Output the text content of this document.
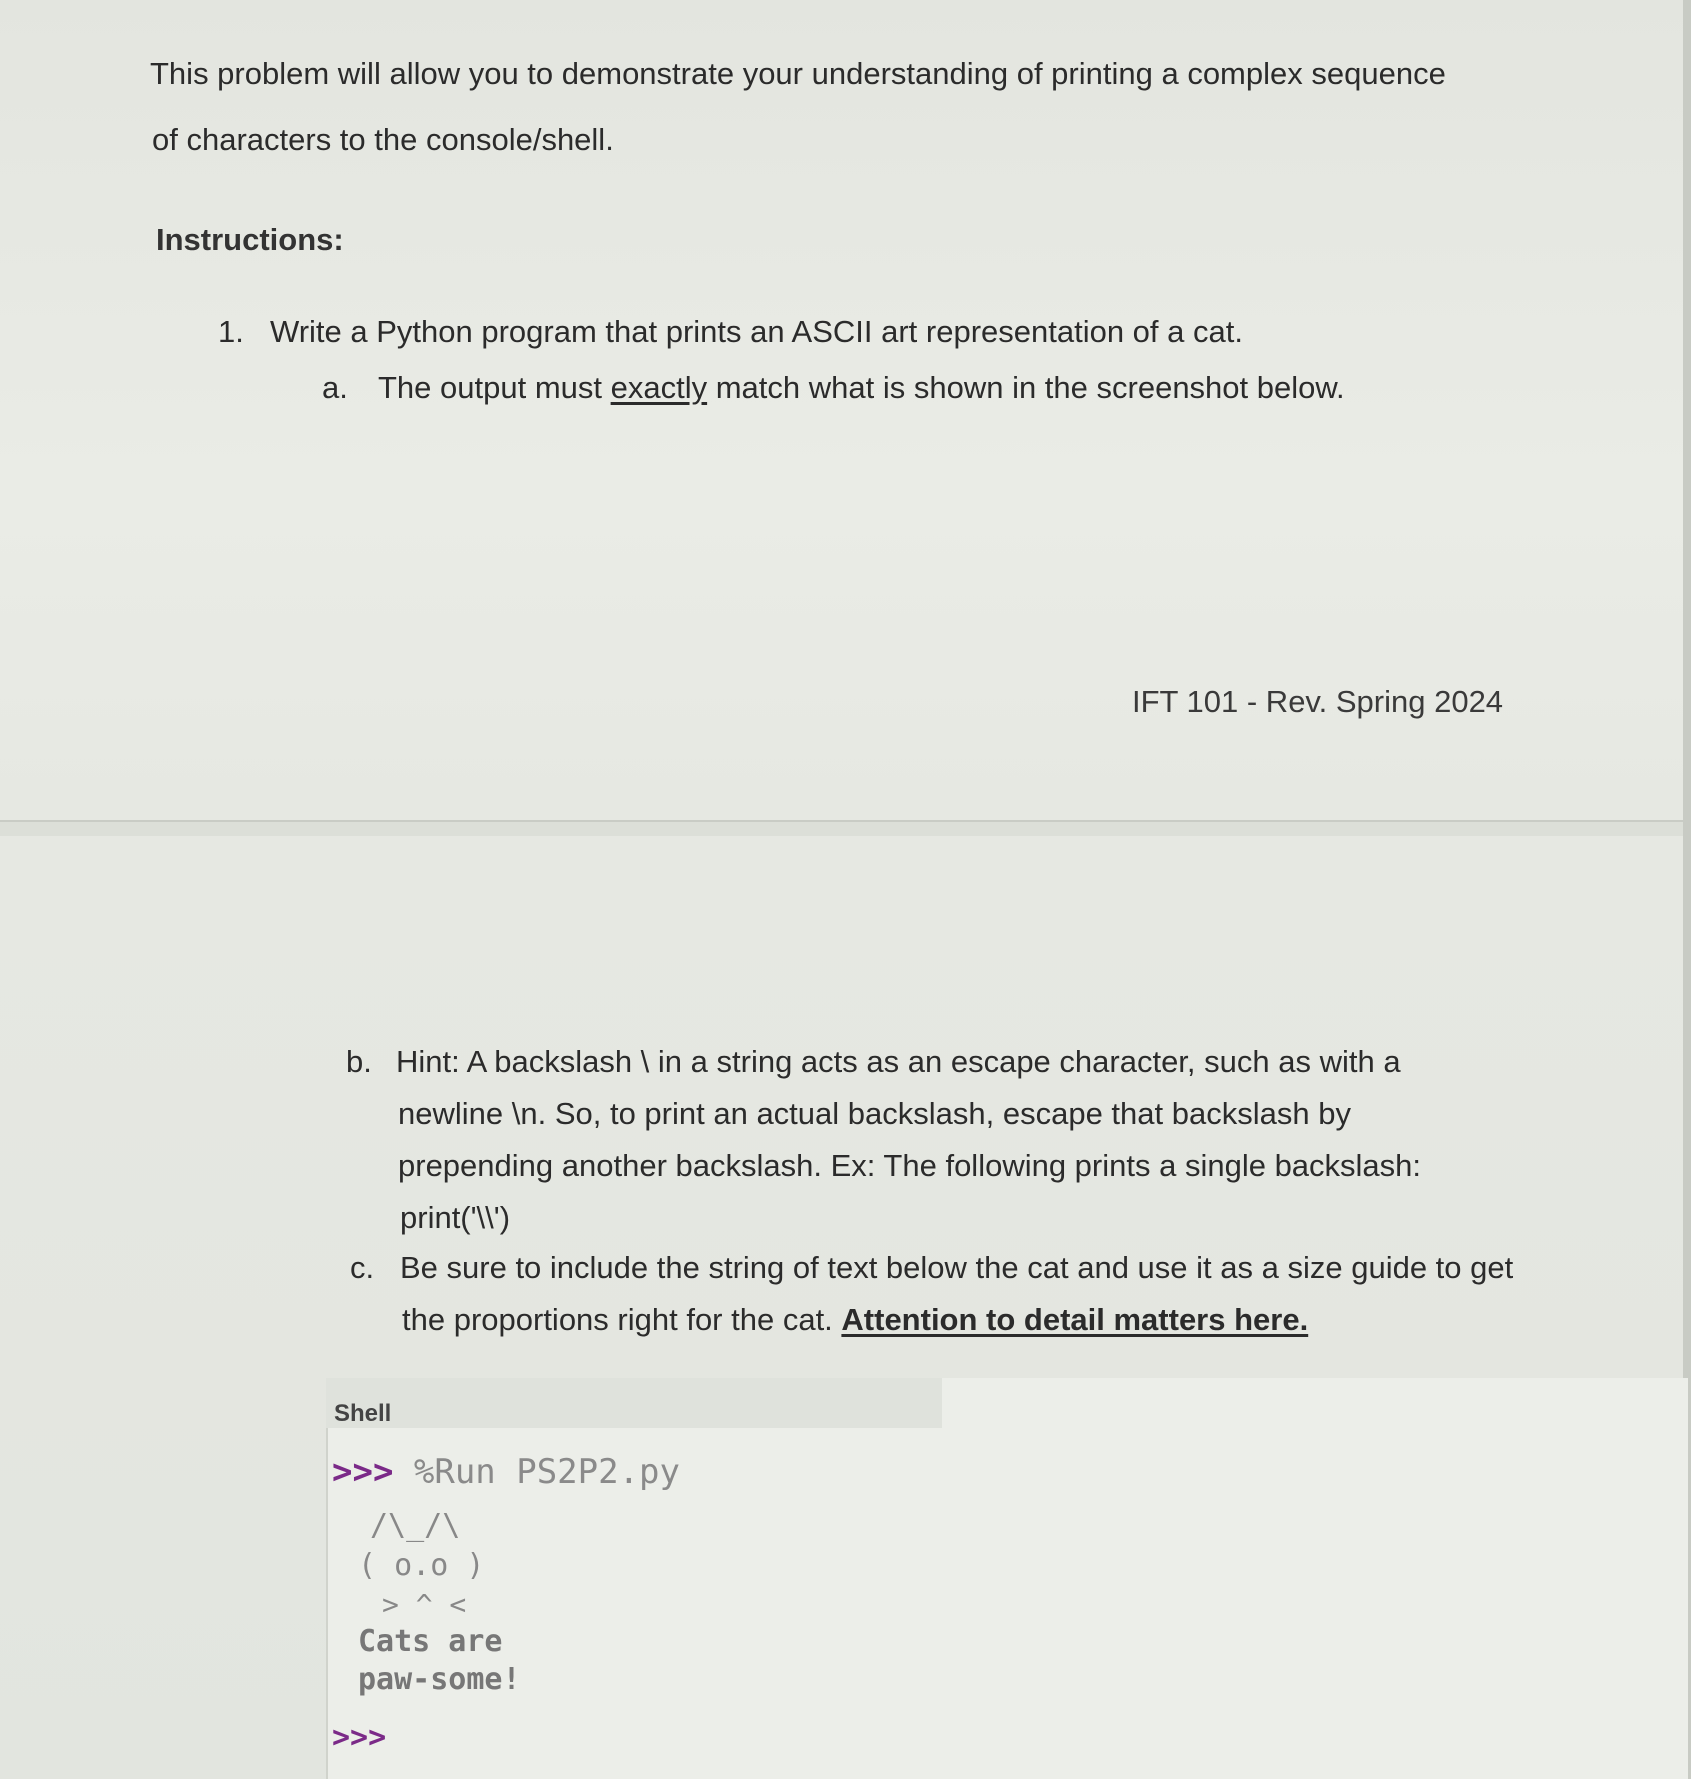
This problem will allow you to demonstrate your understanding of printing a complex sequence
of characters to the console/shell.
Instructions:
1. Write a Python program that prints an ASCII art representation of a cat.
a. The output must exactly match what is shown in the screenshot below.
IFT 101 - Rev. Spring 2024
b. Hint: A backslash \ in a string acts as an escape character, such as with a
newline \n. So, to print an actual backslash, escape that backslash by
prepending another backslash. Ex: The following prints a single backslash:
print('\\')
c. Be sure to include the string of text below the cat and use it as a size guide to get
the proportions right for the cat. Attention to detail matters here.
Shell
>>> %Run PS2P2.py
/\_/\
( o.o )
> ^ <
Cats are
paw-some!
>>>
